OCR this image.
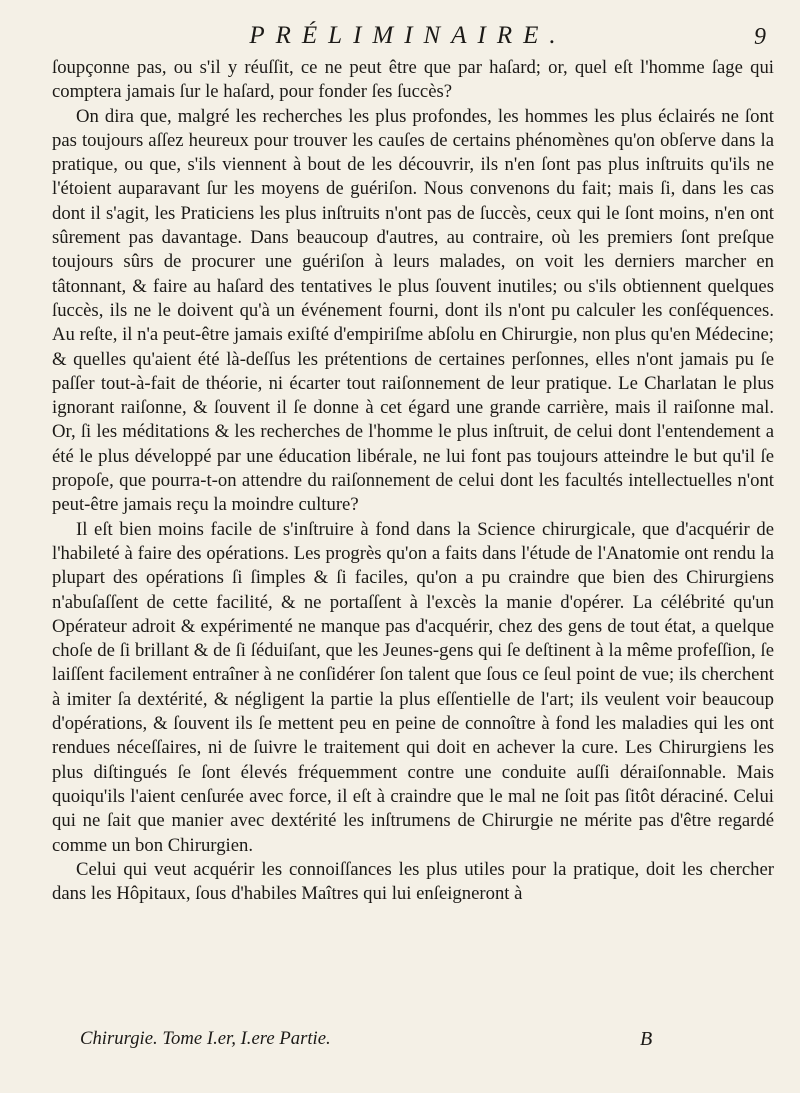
PRÉLIMINAIRE.	9

ſoupçonne pas, ou s'il y réuſſit, ce ne peut être que par haſard; or, quel eſt l'homme ſage qui comptera jamais ſur le haſard, pour fonder ſes ſuccès?

On dira que, malgré les recherches les plus profondes, les hommes les plus éclairés ne ſont pas toujours aſſez heureux pour trouver les cauſes de certains phénomènes qu'on obſerve dans la pratique, ou que, s'ils viennent à bout de les découvrir, ils n'en ſont pas plus inſtruits qu'ils ne l'étoient auparavant ſur les moyens de guériſon. Nous convenons du fait; mais ſi, dans les cas dont il s'agit, les Praticiens les plus inſtruits n'ont pas de ſuccès, ceux qui le ſont moins, n'en ont sûrement pas davantage. Dans beaucoup d'autres, au contraire, où les premiers ſont preſque toujours sûrs de procurer une guériſon à leurs malades, on voit les derniers marcher en tâtonnant, & faire au haſard des tentatives le plus ſouvent inutiles; ou s'ils obtiennent quelques ſuccès, ils ne le doivent qu'à un événement fourni, dont ils n'ont pu calculer les conſéquences. Au reſte, il n'a peut-être jamais exiſté d'empiriſme abſolu en Chirurgie, non plus qu'en Médecine; & quelles qu'aient été là-deſſus les prétentions de certaines perſonnes, elles n'ont jamais pu ſe paſſer tout-à-fait de théorie, ni écarter tout raiſonnement de leur pratique. Le Charlatan le plus ignorant raiſonne, & ſouvent il ſe donne à cet égard une grande carrière, mais il raiſonne mal. Or, ſi les méditations & les recherches de l'homme le plus inſtruit, de celui dont l'entendement a été le plus développé par une éducation libérale, ne lui font pas toujours atteindre le but qu'il ſe propoſe, que pourra-t-on attendre du raiſonnement de celui dont les facultés intellectuelles n'ont peut-être jamais reçu la moindre culture?

Il eſt bien moins facile de s'inſtruire à fond dans la Science chirurgicale, que d'acquérir de l'habileté à faire des opérations. Les progrès qu'on a faits dans l'étude de l'Anatomie ont rendu la plupart des opérations ſi ſimples & ſi faciles, qu'on a pu craindre que bien des Chirurgiens n'abuſaſſent de cette facilité, & ne portaſſent à l'excès la manie d'opérer. La célébrité qu'un Opérateur adroit & expérimenté ne manque pas d'acquérir, chez des gens de tout état, a quelque choſe de ſi brillant & de ſi ſéduiſant, que les Jeunes-gens qui ſe deſtinent à la même profeſſion, ſe laiſſent facilement entraîner à ne conſidérer ſon talent que ſous ce ſeul point de vue; ils cherchent à imiter ſa dextérité, & négligent la partie la plus eſſentielle de l'art; ils veulent voir beaucoup d'opérations, & ſouvent ils ſe mettent peu en peine de connoître à fond les maladies qui les ont rendues néceſſaires, ni de ſuivre le traitement qui doit en achever la cure. Les Chirurgiens les plus diſtingués ſe ſont élevés fréquemment contre une conduite auſſi déraiſonnable. Mais quoiqu'ils l'aient cenſurée avec force, il eſt à craindre que le mal ne ſoit pas ſitôt déraciné. Celui qui ne ſait que manier avec dextérité les inſtrumens de Chirurgie ne mérite pas d'être regardé comme un bon Chirurgien.

Celui qui veut acquérir les connoiſſances les plus utiles pour la pratique, doit les chercher dans les Hôpitaux, ſous d'habiles Maîtres qui lui enſeigneront à

Chirurgie. Tome I.er, I.ere Partie.	B
